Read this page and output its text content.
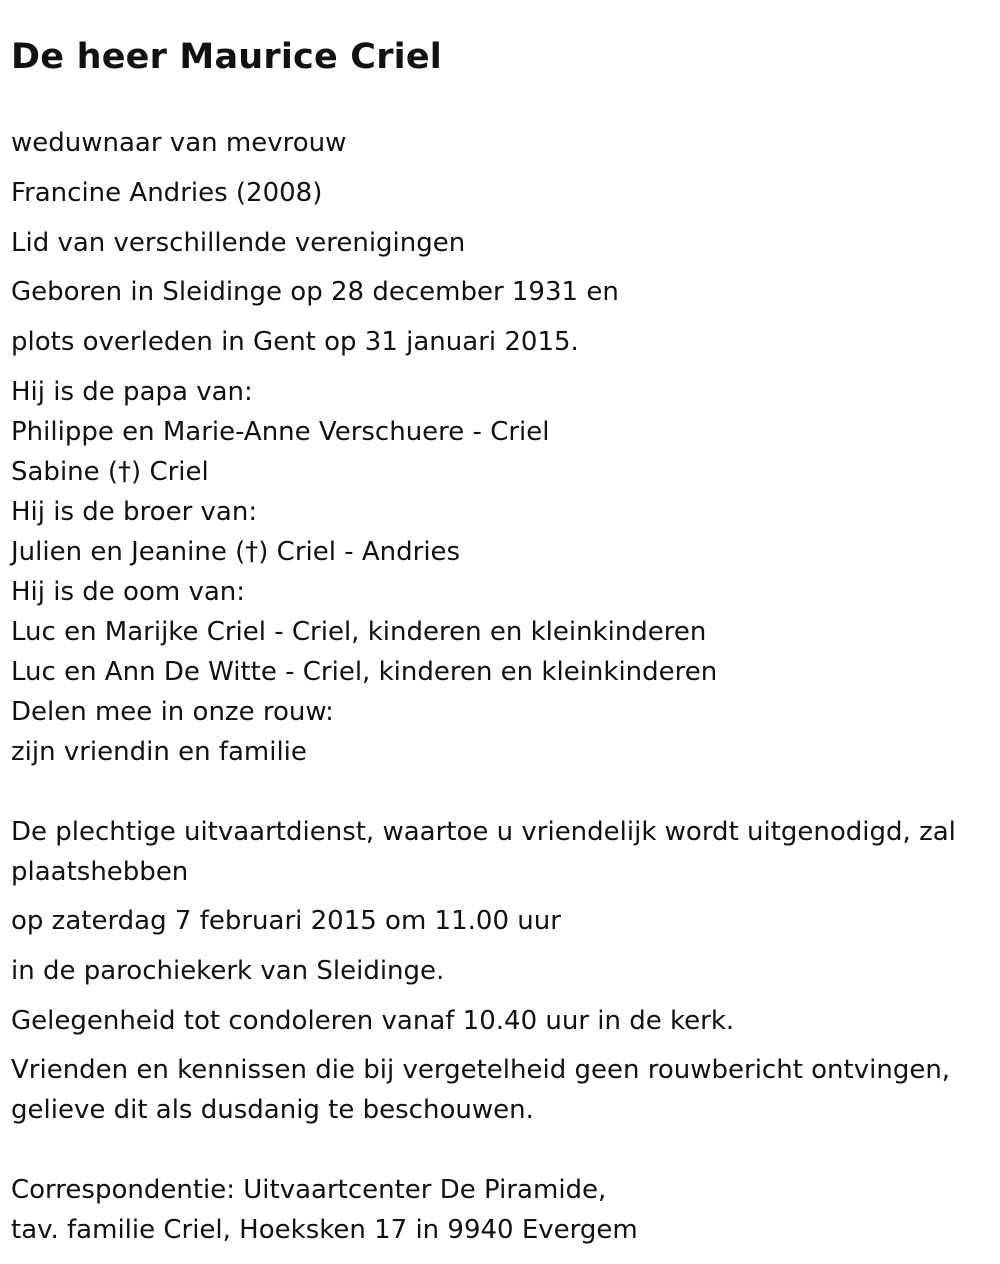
De heer Maurice Criel

weduwnaar van mevrouw

Francine Andries (2008)

Lid van verschillende verenigingen

Geboren in Sleidinge op 28 december 1931 en

plots overleden in Gent op 31 januari 2015.

Hij is de papa van:

Philippe en Marie-Anne Verschuere - Criel

Sabine (†) Criel

Hij is de broer van:

Julien en Jeanine (†) Criel - Andries

Hij is de oom van:

Luc en Marijke Criel - Criel, kinderen en kleinkinderen

Luc en Ann De Witte - Criel, kinderen en kleinkinderen

Delen mee in onze rouw:

zijn vriendin en familie

De plechtige uitvaartdienst, waartoe u vriendelijk wordt uitgenodigd, zal

plaatshebben

op zaterdag 7 februari 2015 om 11.00 uur

in de parochiekerk van Sleidinge.

Gelegenheid tot condoleren vanaf 10.40 uur in de kerk.

Vrienden en kennissen die bij vergetelheid geen rouwbericht ontvingen,

gelieve dit als dusdanig te beschouwen.

Correspondentie: Uitvaartcenter De Piramide,

tav. familie Criel, Hoeksken 17 in 9940 Evergem
